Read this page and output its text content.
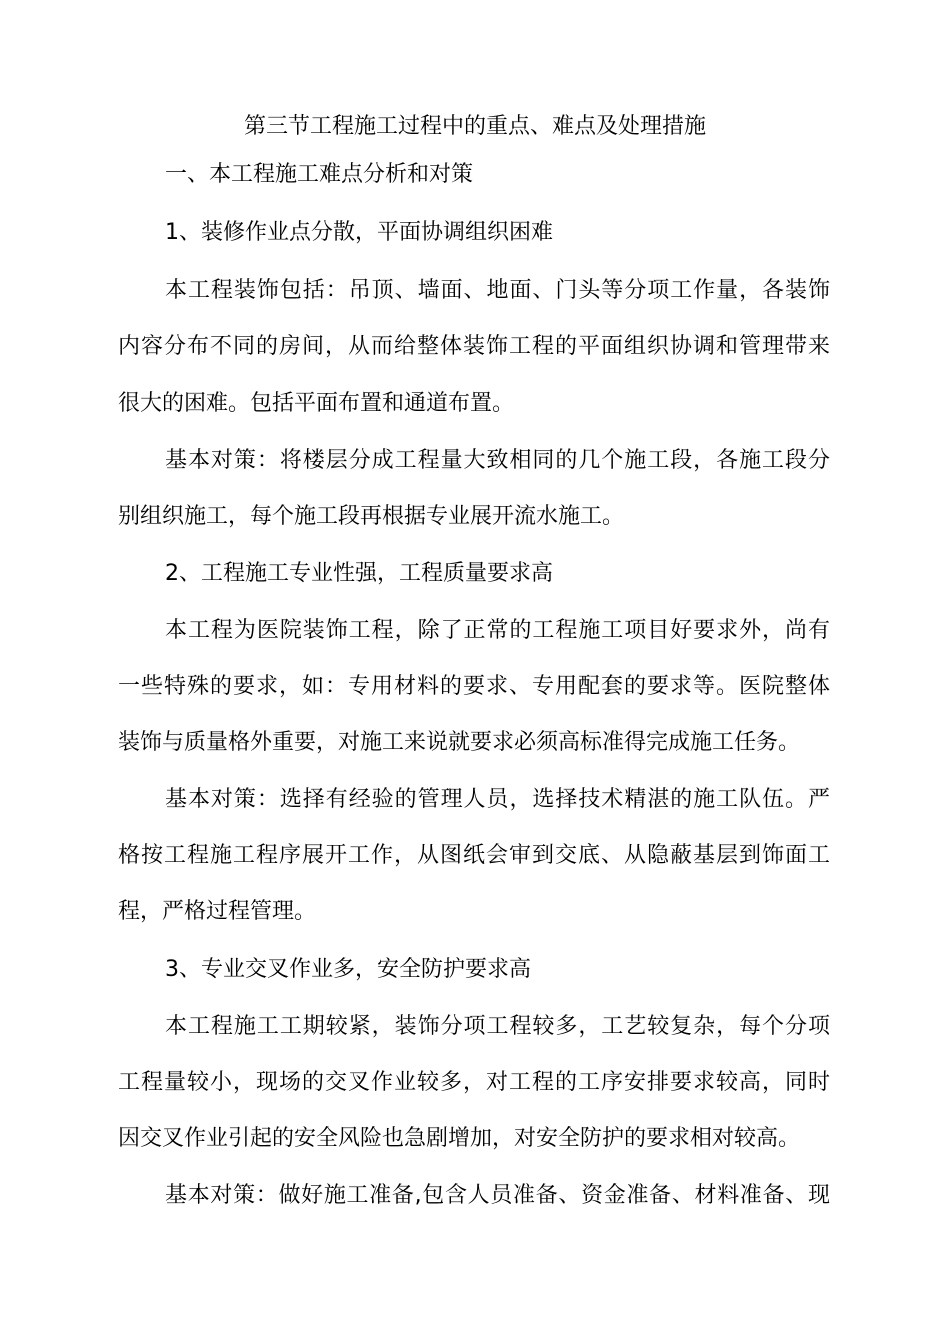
第三节工程施工过程中的重点、难点及处理措施
一、本工程施工难点分析和对策
1、装修作业点分散，平面协调组织困难
本工程装饰包括：吊顶、墙面、地面、门头等分项工作量，各装饰
内容分布不同的房间，从而给整体装饰工程的平面组织协调和管理带来
很大的困难。包括平面布置和通道布置。
基本对策：将楼层分成工程量大致相同的几个施工段，各施工段分
别组织施工，每个施工段再根据专业展开流水施工。
2、工程施工专业性强，工程质量要求高
本工程为医院装饰工程，除了正常的工程施工项目好要求外，尚有
一些特殊的要求，如：专用材料的要求、专用配套的要求等。医院整体
装饰与质量格外重要，对施工来说就要求必须高标准得完成施工任务。
基本对策：选择有经验的管理人员，选择技术精湛的施工队伍。严
格按工程施工程序展开工作，从图纸会审到交底、从隐蔽基层到饰面工
程，严格过程管理。
3、专业交叉作业多，安全防护要求高
本工程施工工期较紧，装饰分项工程较多，工艺较复杂，每个分项
工程量较小，现场的交叉作业较多，对工程的工序安排要求较高，同时
因交叉作业引起的安全风险也急剧增加，对安全防护的要求相对较高。
基本对策：做好施工准备,包含人员准备、资金准备、材料准备、现
